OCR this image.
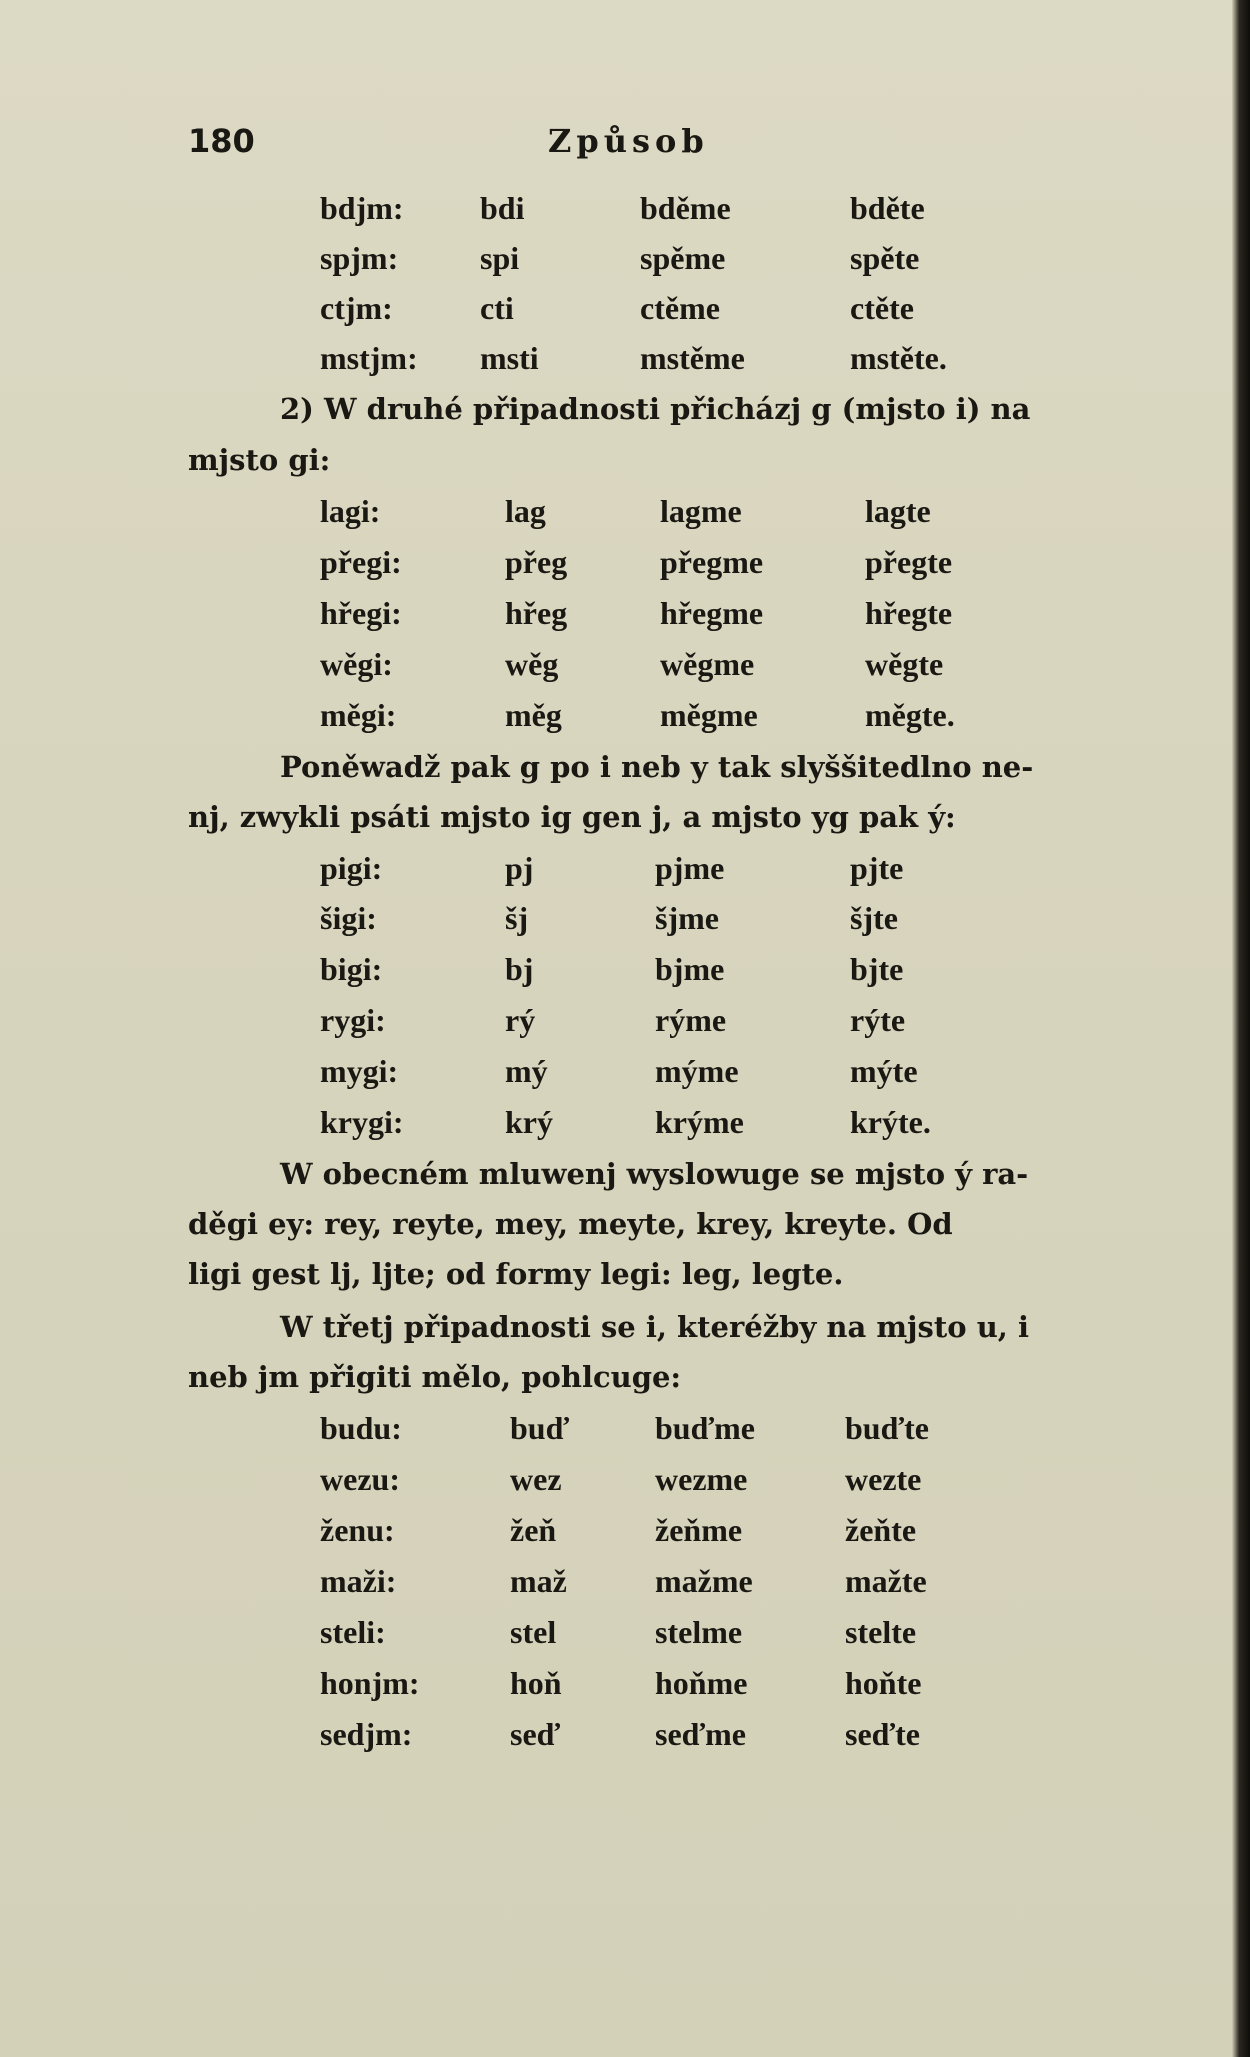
180	Způsob
bdjm: bdi	bděme	bděte
spjm:	spi	spěme	spěte
ctjm:	cti	ctěme	ctěte
mstjm: msti	mstěme	mstěte.
2) W druhé připadnosti přicházj g (mjsto i) na
mjsto gi:
lagi:	lag	lagme	lagte
přegi:	přeg	přegme	přegte
hřegi:	hřeg	hřegme	hřegte
wěgi:	wěg	wěgme	wěgte
měgi:	měg	měgme	měgte.
Poněwadž pak g po i neb y tak slyššitedlno ne-
nj, zwykli psáti mjsto ig gen j, a mjsto yg pak ý:
pigi:	pj	pjme	pjte
šigi:	šj	šjme	šjte
bigi:	bj	bjme	bjte
rygi:	rý	rýme	rýte
mygi:	mý	mýme	mýte
krygi:	krý	krýme	krýte.
W obecném mluwenj wyslowuge se mjsto ý ra-
děgi ey: rey, reyte, mey, meyte, krey, kreyte. Od
ligi gest lj, ljte; od formy legi: leg, legte.
W třetj připadnosti se i, kteréžby na mjsto u, i
neb jm přigiti mělo, pohlcuge:
budu:	buď	buďme	buďte
wezu:	wez	wezme	wezte
ženu:	žeň	žeňme	žeňte
maži:	maž	mažme	mažte
steli:	stel	stelme	stelte
honjm:	hoň	hoňme	hoňte
sedjm:	seď	seďme	seďte
